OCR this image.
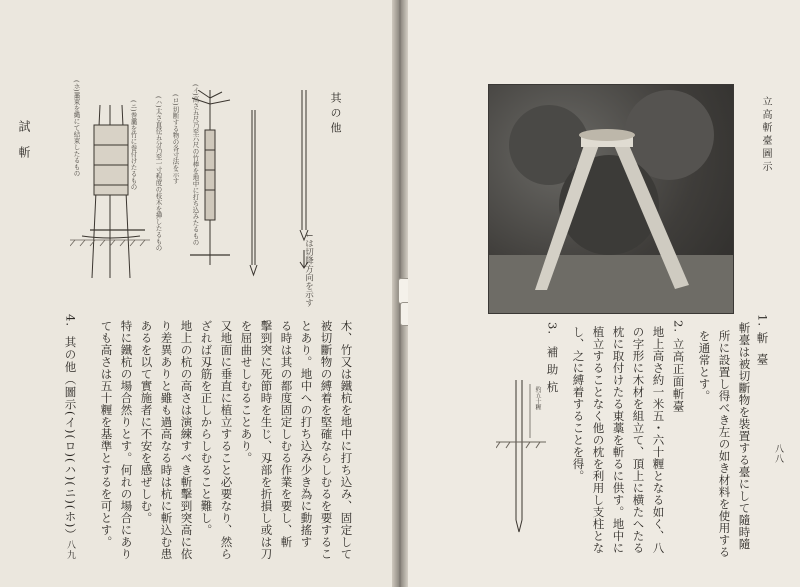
試斬
(ホ)藁束を縄にて結束したるもの	(ニ)巻藁を竹に巻付けたるもの
(ハ)太さ直径五分乃至一寸程度の枝木を挿したるもの
(ロ)切断する物の各寸法を示す
(イ)高さ五尺乃至六尺の竹棒を地中に打ち込みたるもの	其の他
↓は切降方向を示す
木、竹又は鐵杭を地中に打ち込み、固定して
被切斷物の縛着を堅確ならしむるを要するこ
とあり。地中への打ち込み少き為に動搖す
る時は其の都度固定しむる作業を要し、斬
擊剄突に死節時を生じ、刄部を折損し或は刀
を屈曲せしむることあり。
又地面に垂直に植立すること必要なり、然ら
ざれば刄筋を正しからしむること難し。
地上の杭の高さは演練すべき斬擊剄突高に依
り差異ありと雖も過高なる時は杭に斬込む患
あるを以て實施者に不安を感ぜしむ。
特に鐵杭の場合然りとす。何れの場合にあり
ても高さは五十糎を基準とするを可とす。
4.
其の他（圖示(イ)(ロ)(ハ)(ニ)(ホ)）
八九
立高斬臺圖示
1.
斬臺
斬臺は被切斷物を裝置する臺にして隨時隨
所に設置し得べき左の如き材料を使用する
を通常とす。
2.
立高正面斬臺
地上高さ約一米五・六十糎となる如く、八
の字形に木材を組立て、頂上に横たへたる
枕に取付けたる東藁を斬るに供す。地中に
植立することなく他の枕を利用し支柱とな
し、之に縛着することを得。
3.
補助杭
約五十糎
八八
